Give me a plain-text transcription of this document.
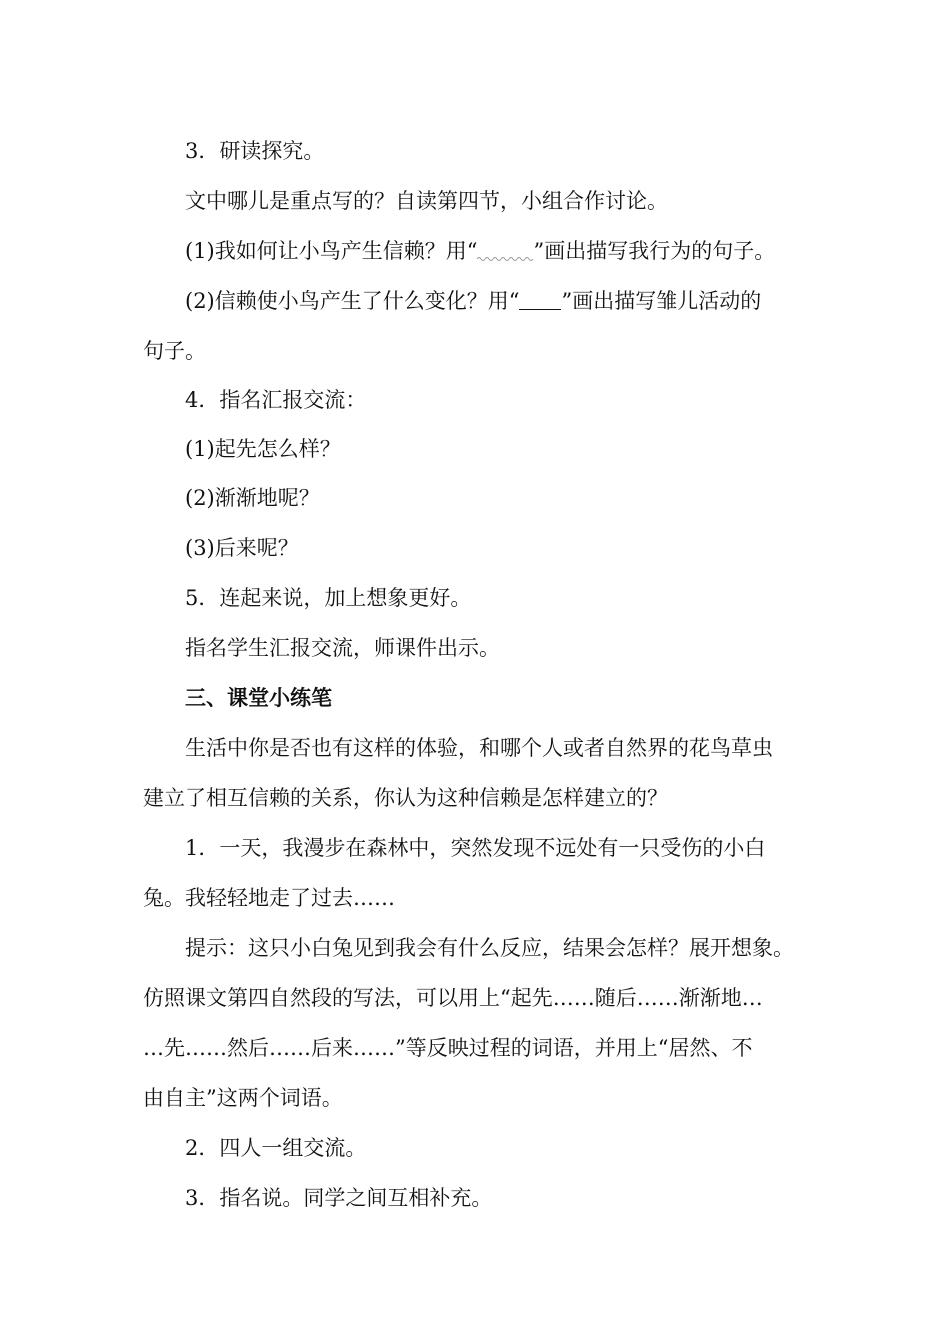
3．研读探究。
文中哪儿是重点写的？自读第四节，小组合作讨论。
(1)我如何让小鸟产生信赖？用“	”画出描写我行为的句子。
(2)信赖使小鸟产生了什么变化？用“ ”画出描写雏儿活动的
句子。
4．指名汇报交流：
(1)起先怎么样？
(2)渐渐地呢？
(3)后来呢？
5．连起来说，加上想象更好。
指名学生汇报交流，师课件出示。
三、课堂小练笔
生活中你是否也有这样的体验，和哪个人或者自然界的花鸟草虫
建立了相互信赖的关系，你认为这种信赖是怎样建立的？
1．一天，我漫步在森林中，突然发现不远处有一只受伤的小白
兔。我轻轻地走了过去……
提示：这只小白兔见到我会有什么反应，结果会怎样？展开想象。
仿照课文第四自然段的写法，可以用上“起先……随后……渐渐地…
…先……然后……后来……”等反映过程的词语，并用上“居然、不
由自主”这两个词语。
2．四人一组交流。
3．指名说。同学之间互相补充。
